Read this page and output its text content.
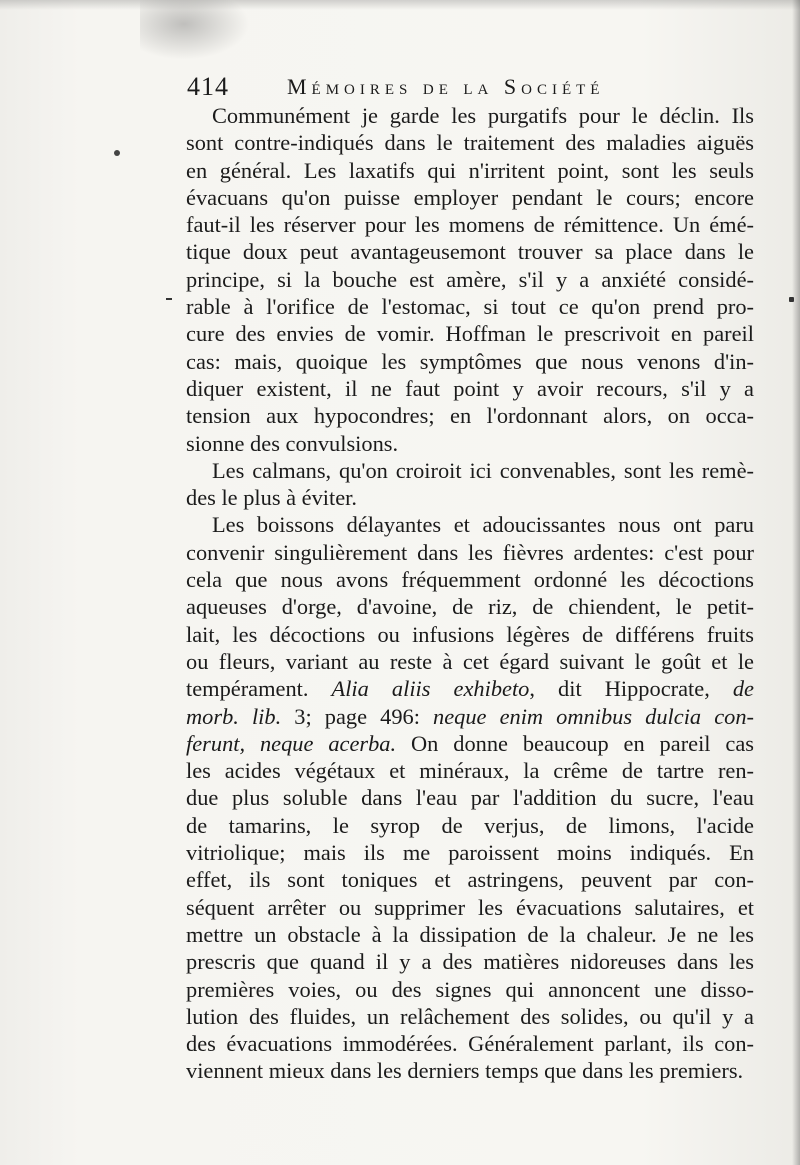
414	Mémoires de la Société
Communément je garde les purgatifs pour le déclin. Ils
sont contre-indiqués dans le traitement des maladies aiguës
en général. Les laxatifs qui n'irritent point, sont les seuls
évacuans qu'on puisse employer pendant le cours; encore
faut-il les réserver pour les momens de rémittence. Un émé-
tique doux peut avantageusemont trouver sa place dans le
principe, si la bouche est amère, s'il y a anxiété considé-
rable à l'orifice de l'estomac, si tout ce qu'on prend pro-
cure des envies de vomir. Hoffman le prescrivoit en pareil
cas: mais, quoique les symptômes que nous venons d'in-
diquer existent, il ne faut point y avoir recours, s'il y a
tension aux hypocondres; en l'ordonnant alors, on occa-
sionne des convulsions.
Les calmans, qu'on croiroit ici convenables, sont les remè-
des le plus à éviter.
Les boissons délayantes et adoucissantes nous ont paru
convenir singulièrement dans les fièvres ardentes: c'est pour
cela que nous avons fréquemment ordonné les décoctions
aqueuses d'orge, d'avoine, de riz, de chiendent, le petit-
lait, les décoctions ou infusions légères de différens fruits
ou fleurs, variant au reste à cet égard suivant le goût et le
tempérament. Alia aliis exhibeto, dit Hippocrate, de
morb. lib. 3; page 496: neque enim omnibus dulcia con-
ferunt, neque acerba. On donne beaucoup en pareil cas
les acides végétaux et minéraux, la crême de tartre ren-
due plus soluble dans l'eau par l'addition du sucre, l'eau
de tamarins, le syrop de verjus, de limons, l'acide
vitriolique; mais ils me paroissent moins indiqués. En
effet, ils sont toniques et astringens, peuvent par con-
séquent arrêter ou supprimer les évacuations salutaires, et
mettre un obstacle à la dissipation de la chaleur. Je ne les
prescris que quand il y a des matières nidoreuses dans les
premières voies, ou des signes qui annoncent une disso-
lution des fluides, un relâchement des solides, ou qu'il y a
des évacuations immodérées. Généralement parlant, ils con-
viennent mieux dans les derniers temps que dans les premiers.
